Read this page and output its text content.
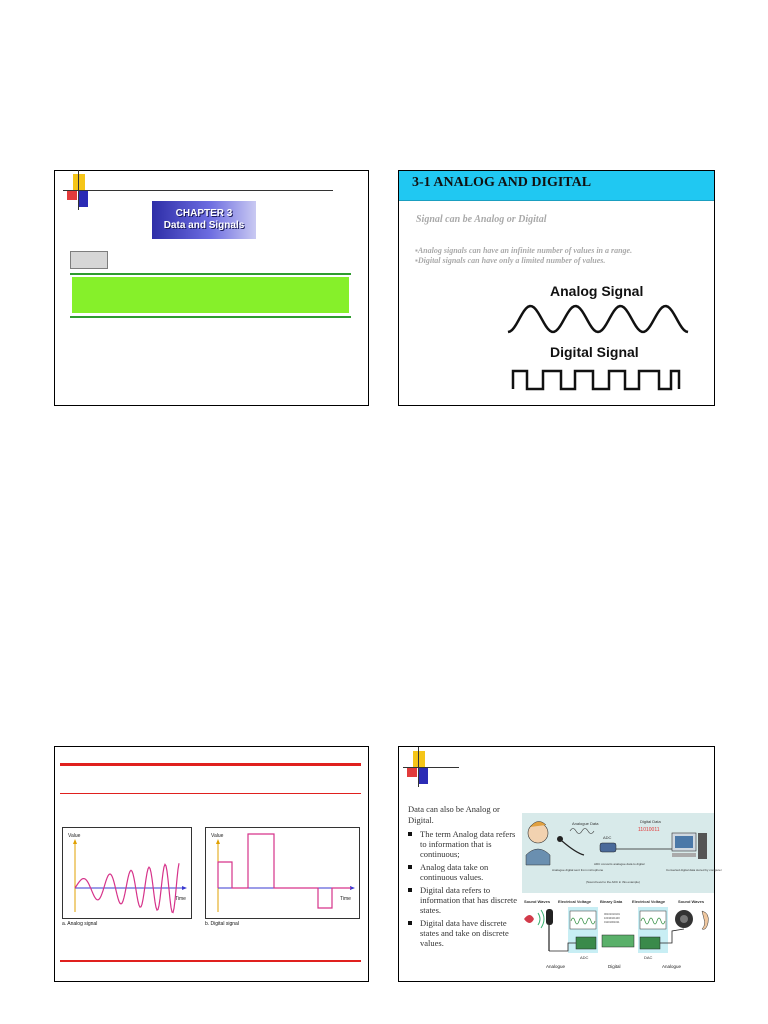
CHAPTER 3
Data and Signals
3-1 ANALOG AND DIGITAL
Signal can be Analog or Digital
▪Analog signals can have an infinite number of values in a range.
▪Digital signals can have only a limited number of values.
Analog Signal
Digital Signal
Value
Time
a. Analog signal
Value
Time
b. Digital signal
Data can also be Analog or Digital.
The term Analog data refers to information that is continuous;
Analog data take on continuous values.
Digital data refers to information that has discrete states.
Digital data have discrete states and take on discrete values.
Analogue Data
ADC
Digital Data
11010011
Analogue digital sent from microphone
ADC converts analogue data to digital
Converted digital data stored by computer
(Sound level to the ADC in this example)
Sound Waves Electrical Voltage Binary Data Electrical Voltage	Sound Waves
ADC
00101010101
10010101100
01101001011
DAC
Analogue	Digital	Analogue
